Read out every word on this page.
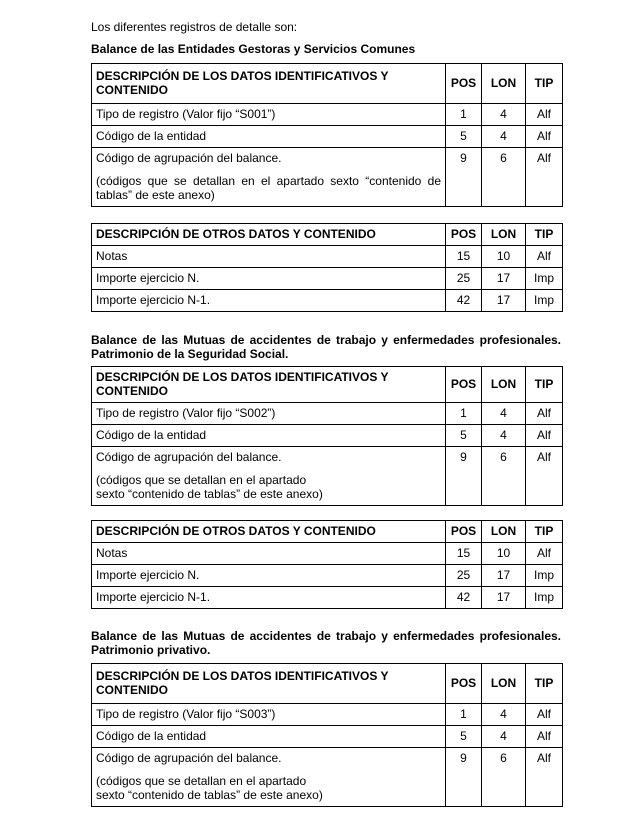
Los diferentes registros de detalle son:
Balance de las Entidades Gestoras y Servicios Comunes
DESCRIPCIÓN DE LOS DATOS IDENTIFICATIVOS Y CONTENIDO	POS	LON	TIP
Tipo de registro (Valor fijo “S001”)	1	4	Alf
Código de la entidad	5	4	Alf
Código de agrupación del balance.
(códigos que se detallan en el apartado sexto “contenido de tablas” de este anexo)	9	6	Alf
DESCRIPCIÓN DE OTROS DATOS Y CONTENIDO	POS	LON	TIP
Notas	15	10	Alf
Importe ejercicio N.	25	17	Imp
Importe ejercicio N-1.	42	17	Imp
Balance de las Mutuas de accidentes de trabajo y enfermedades profesionales. Patrimonio de la Seguridad Social.
DESCRIPCIÓN DE LOS DATOS IDENTIFICATIVOS Y CONTENIDO	POS	LON	TIP
Tipo de registro (Valor fijo “S002”)	1	4	Alf
Código de la entidad	5	4	Alf
Código de agrupación del balance.
(códigos que se detallan en el apartado sexto “contenido de tablas” de este anexo)	9	6	Alf
DESCRIPCIÓN DE OTROS DATOS Y CONTENIDO	POS	LON	TIP
Notas	15	10	Alf
Importe ejercicio N.	25	17	Imp
Importe ejercicio N-1.	42	17	Imp
Balance de las Mutuas de accidentes de trabajo y enfermedades profesionales. Patrimonio privativo.
DESCRIPCIÓN DE LOS DATOS IDENTIFICATIVOS Y CONTENIDO	POS	LON	TIP
Tipo de registro (Valor fijo “S003”)	1	4	Alf
Código de la entidad	5	4	Alf
Código de agrupación del balance.
(códigos que se detallan en el apartado sexto “contenido de tablas” de este anexo)	9	6	Alf
